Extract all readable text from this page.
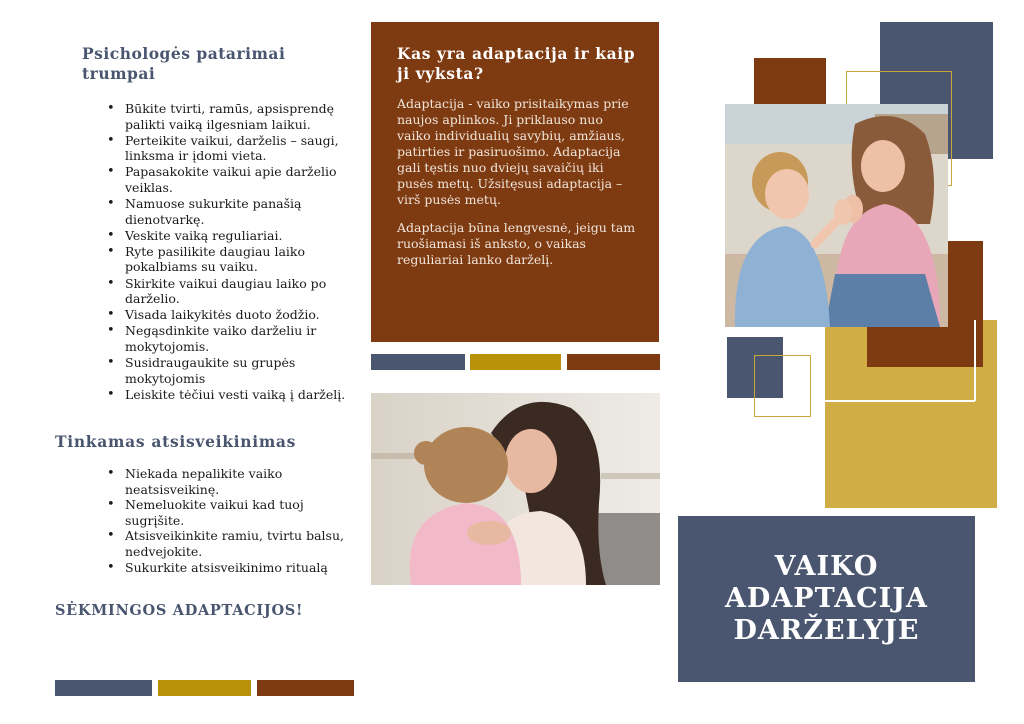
Psichologės patarimai trumpai
• Būkite tvirti, ramūs, apsisprendę palikti vaiką ilgesniam laikui.
• Perteikite vaikui, darželis – saugi, linksma ir įdomi vieta.
• Papasakokite vaikui apie darželio veiklas.
• Namuose sukurkite panašią dienotvarkę.
• Veskite vaiką reguliariai.
• Ryte pasilikite daugiau laiko pokalbiams su vaiku.
• Skirkite vaikui daugiau laiko po darželio.
• Visada laikykitės duoto žodžio.
• Negąsdinkite vaiko darželiu ir mokytojomis.
• Susidraugaukite su grupės mokytojomis
• Leiskite tėčiui vesti vaiką į darželį.
Tinkamas atsisveikinimas
• Niekada nepalikite vaiko neatsisveikinę.
• Nemeluokite vaikui kad tuoj sugrįšite.
• Atsisveikinkite ramiu, tvirtu balsu, nedvejokite.
• Sukurkite atsisveikinimo ritualą
SĖKMINGOS ADAPTACIJOS!
Kas yra adaptacija ir kaip ji vyksta?

Adaptacija - vaiko prisitaikymas prie naujos aplinkos. Ji priklauso nuo vaiko individualių savybių, amžiaus, patirties ir pasiruošimo. Adaptacija gali tęstis nuo dviejų savaičių iki pusės metų. Užsitęsusi adaptacija – virš pusės metų.

Adaptacija būna lengvesnė, jeigu tam ruošiamasi iš anksto, o vaikas reguliariai lanko darželį.

VAIKO
ADAPTACIJA
DARŽELYJE
